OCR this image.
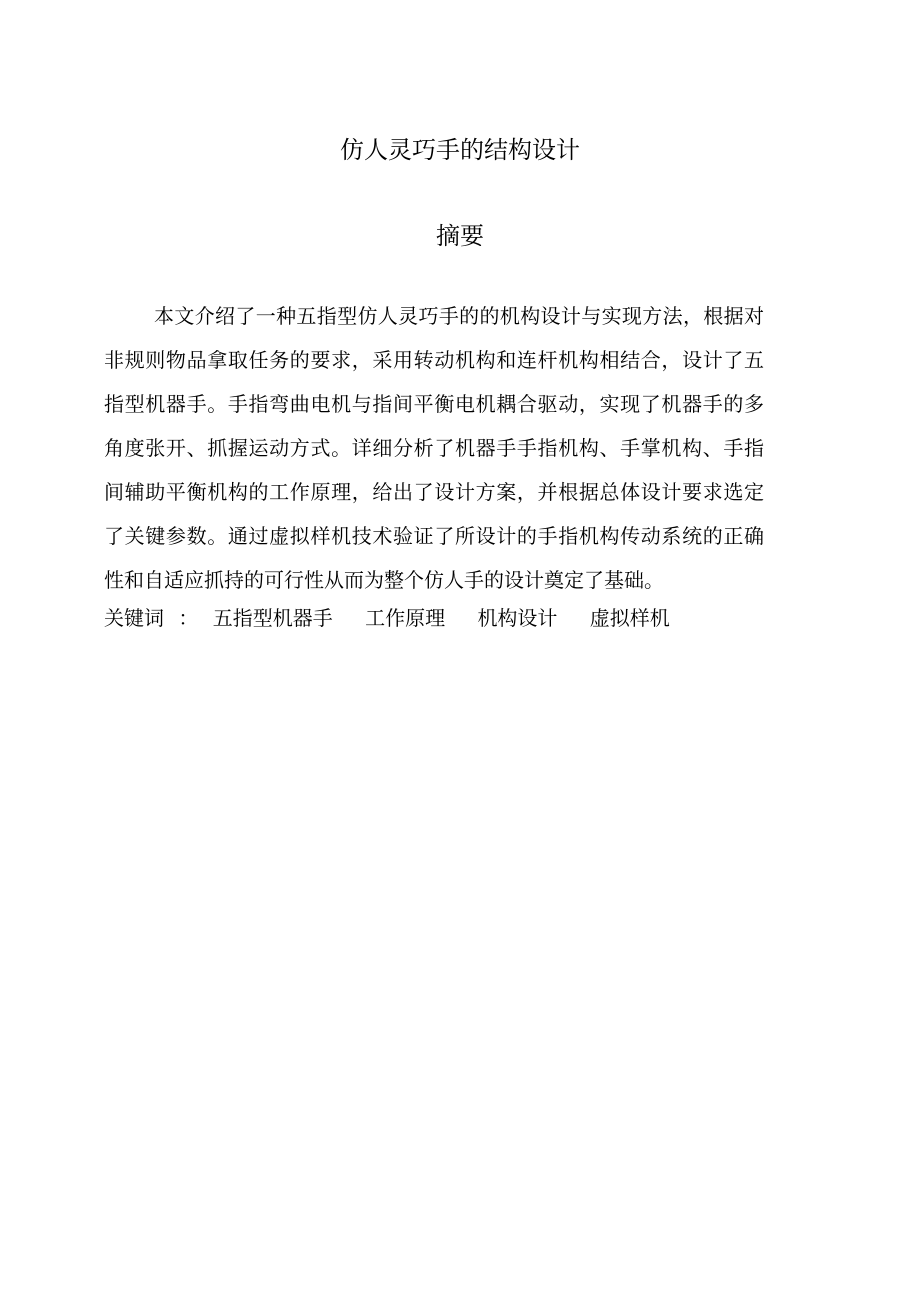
仿人灵巧手的结构设计
摘要
本文介绍了一种五指型仿人灵巧手的的机构设计与实现方法，根据对
非规则物品拿取任务的要求，采用转动机构和连杆机构相结合，设计了五
指型机器手。手指弯曲电机与指间平衡电机耦合驱动，实现了机器手的多
角度张开、抓握运动方式。详细分析了机器手手指机构、手掌机构、手指
间辅助平衡机构的工作原理，给出了设计方案，并根据总体设计要求选定
了关键参数。通过虚拟样机技术验证了所设计的手指机构传动系统的正确
性和自适应抓持的可行性从而为整个仿人手的设计奠定了基础。
关键词 ： 五指型机器手 工作原理 机构设计 虚拟样机
